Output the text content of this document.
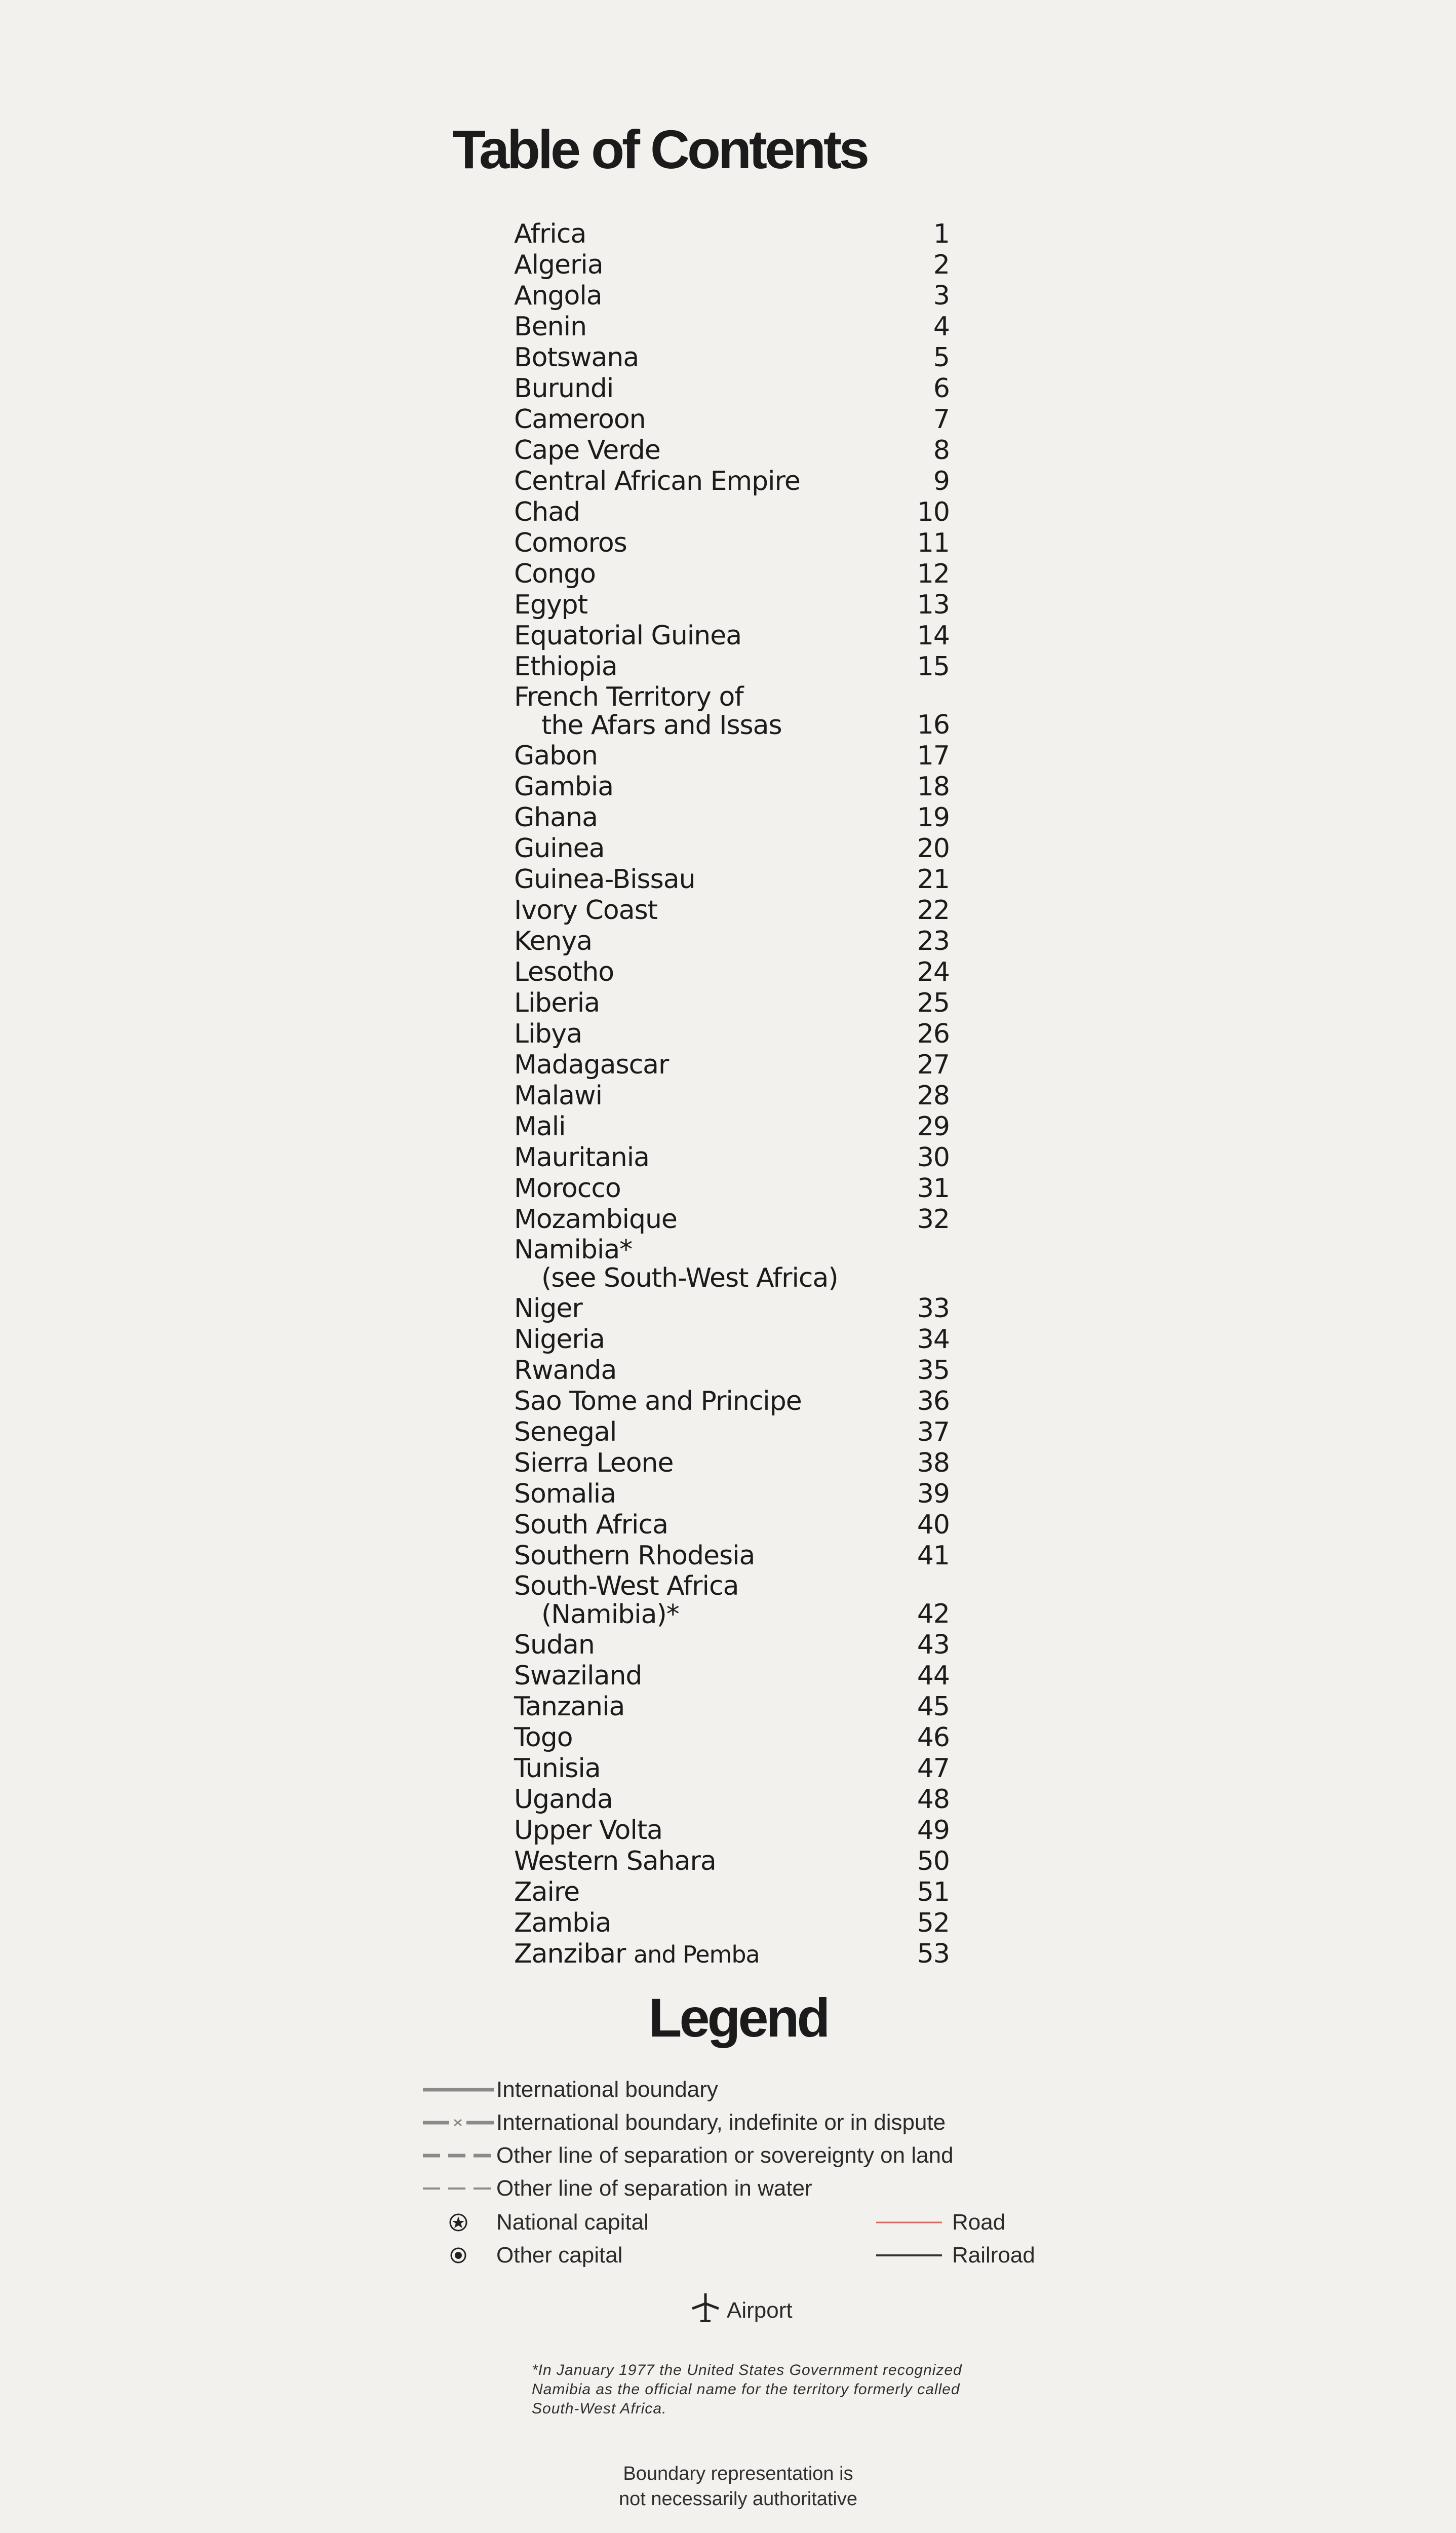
Table of Contents
Africa	1
Algeria	2
Angola	3
Benin	4
Botswana	5
Burundi	6
Cameroon	7
Cape Verde	8
Central African Empire	9
Chad	10
Comoros	11
Congo	12
Egypt	13
Equatorial Guinea	14
Ethiopia	15
French Territory of
the Afars and Issas	16
Gabon	17
Gambia	18
Ghana	19
Guinea	20
Guinea-Bissau	21
Ivory Coast	22
Kenya	23
Lesotho	24
Liberia	25
Libya	26
Madagascar	27
Malawi	28
Mali	29
Mauritania	30
Morocco	31
Mozambique	32
Namibia*
(see South-West Africa)
Niger	33
Nigeria	34
Rwanda	35
Sao Tome and Principe	36
Senegal	37
Sierra Leone	38
Somalia	39
South Africa	40
Southern Rhodesia	41
South-West Africa
(Namibia)*	42
Sudan	43
Swaziland	44
Tanzania	45
Togo	46
Tunisia	47
Uganda	48
Upper Volta	49
Western Sahara	50
Zaire	51
Zambia	52
Zanzibar and Pemba	53
Legend
International boundary
International boundary, indefinite or in dispute
Other line of separation or sovereignty on land
Other line of separation in water
National capital	Road
Other capital	Railroad
Airport
*In January 1977 the United States Government recognized Namibia as the official name for the territory formerly called South-West Africa.
Boundary representation is
not necessarily authoritative
